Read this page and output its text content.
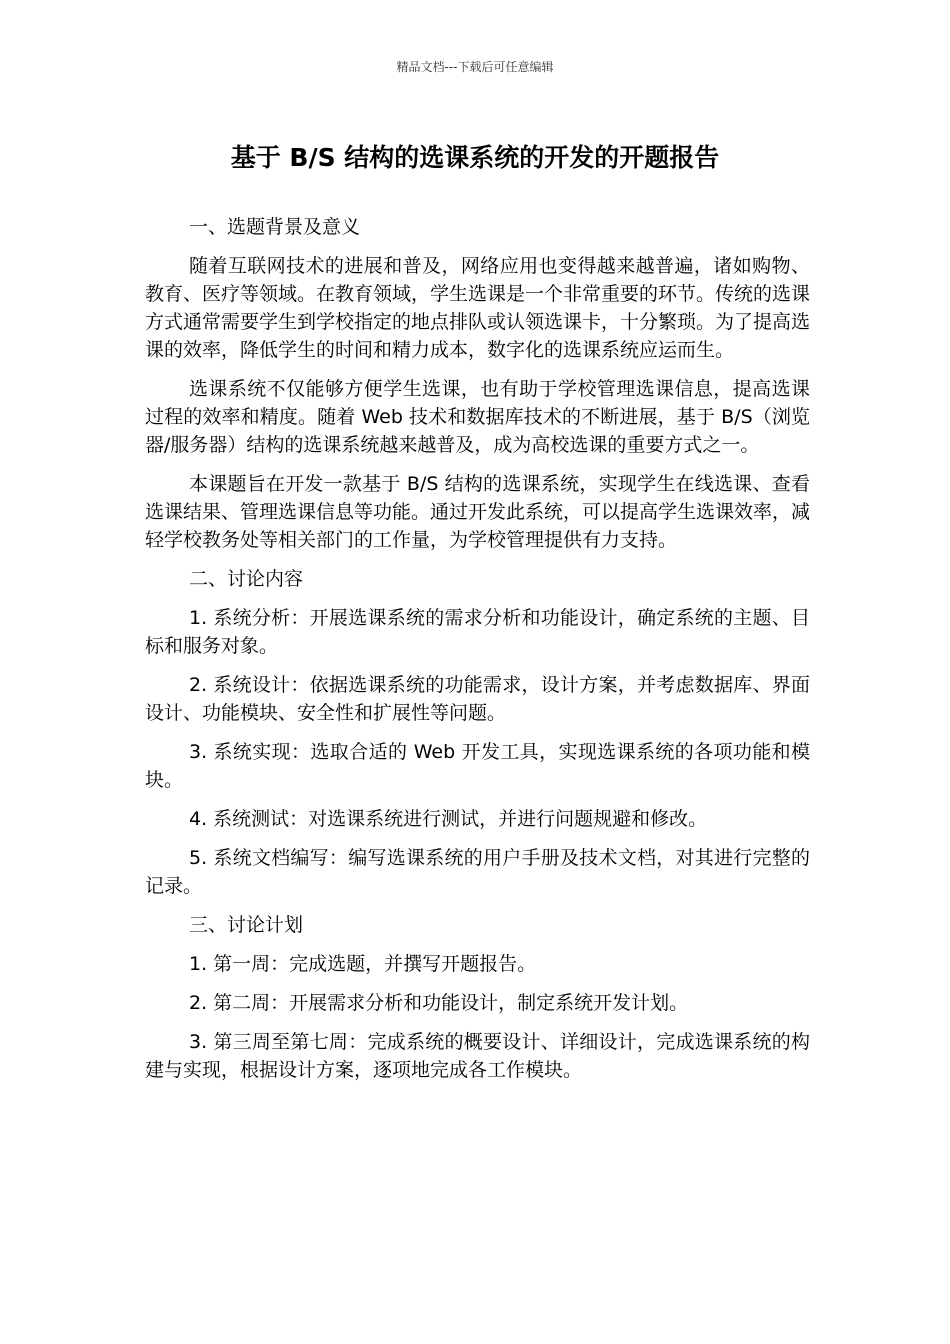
精品文档---下载后可任意编辑
基于 B/S 结构的选课系统的开发的开题报告

一、选题背景及意义

随着互联网技术的进展和普及，网络应用也变得越来越普遍，诸如购物、教育、医疗等领域。在教育领域，学生选课是一个非常重要的环节。传统的选课方式通常需要学生到学校指定的地点排队或认领选课卡，十分繁琐。为了提高选课的效率，降低学生的时间和精力成本，数字化的选课系统应运而生。

选课系统不仅能够方便学生选课，也有助于学校管理选课信息，提高选课过程的效率和精度。随着 Web 技术和数据库技术的不断进展，基于 B/S（浏览器/服务器）结构的选课系统越来越普及，成为高校选课的重要方式之一。

本课题旨在开发一款基于 B/S 结构的选课系统，实现学生在线选课、查看选课结果、管理选课信息等功能。通过开发此系统，可以提高学生选课效率，减轻学校教务处等相关部门的工作量，为学校管理提供有力支持。

二、讨论内容

1. 系统分析：开展选课系统的需求分析和功能设计，确定系统的主题、目标和服务对象。

2. 系统设计：依据选课系统的功能需求，设计方案，并考虑数据库、界面设计、功能模块、安全性和扩展性等问题。

3. 系统实现：选取合适的 Web 开发工具，实现选课系统的各项功能和模块。

4. 系统测试：对选课系统进行测试，并进行问题规避和修改。

5. 系统文档编写：编写选课系统的用户手册及技术文档，对其进行完整的记录。

三、讨论计划

1. 第一周：完成选题，并撰写开题报告。

2. 第二周：开展需求分析和功能设计，制定系统开发计划。

3. 第三周至第七周：完成系统的概要设计、详细设计，完成选课系统的构建与实现，根据设计方案，逐项地完成各工作模块。
